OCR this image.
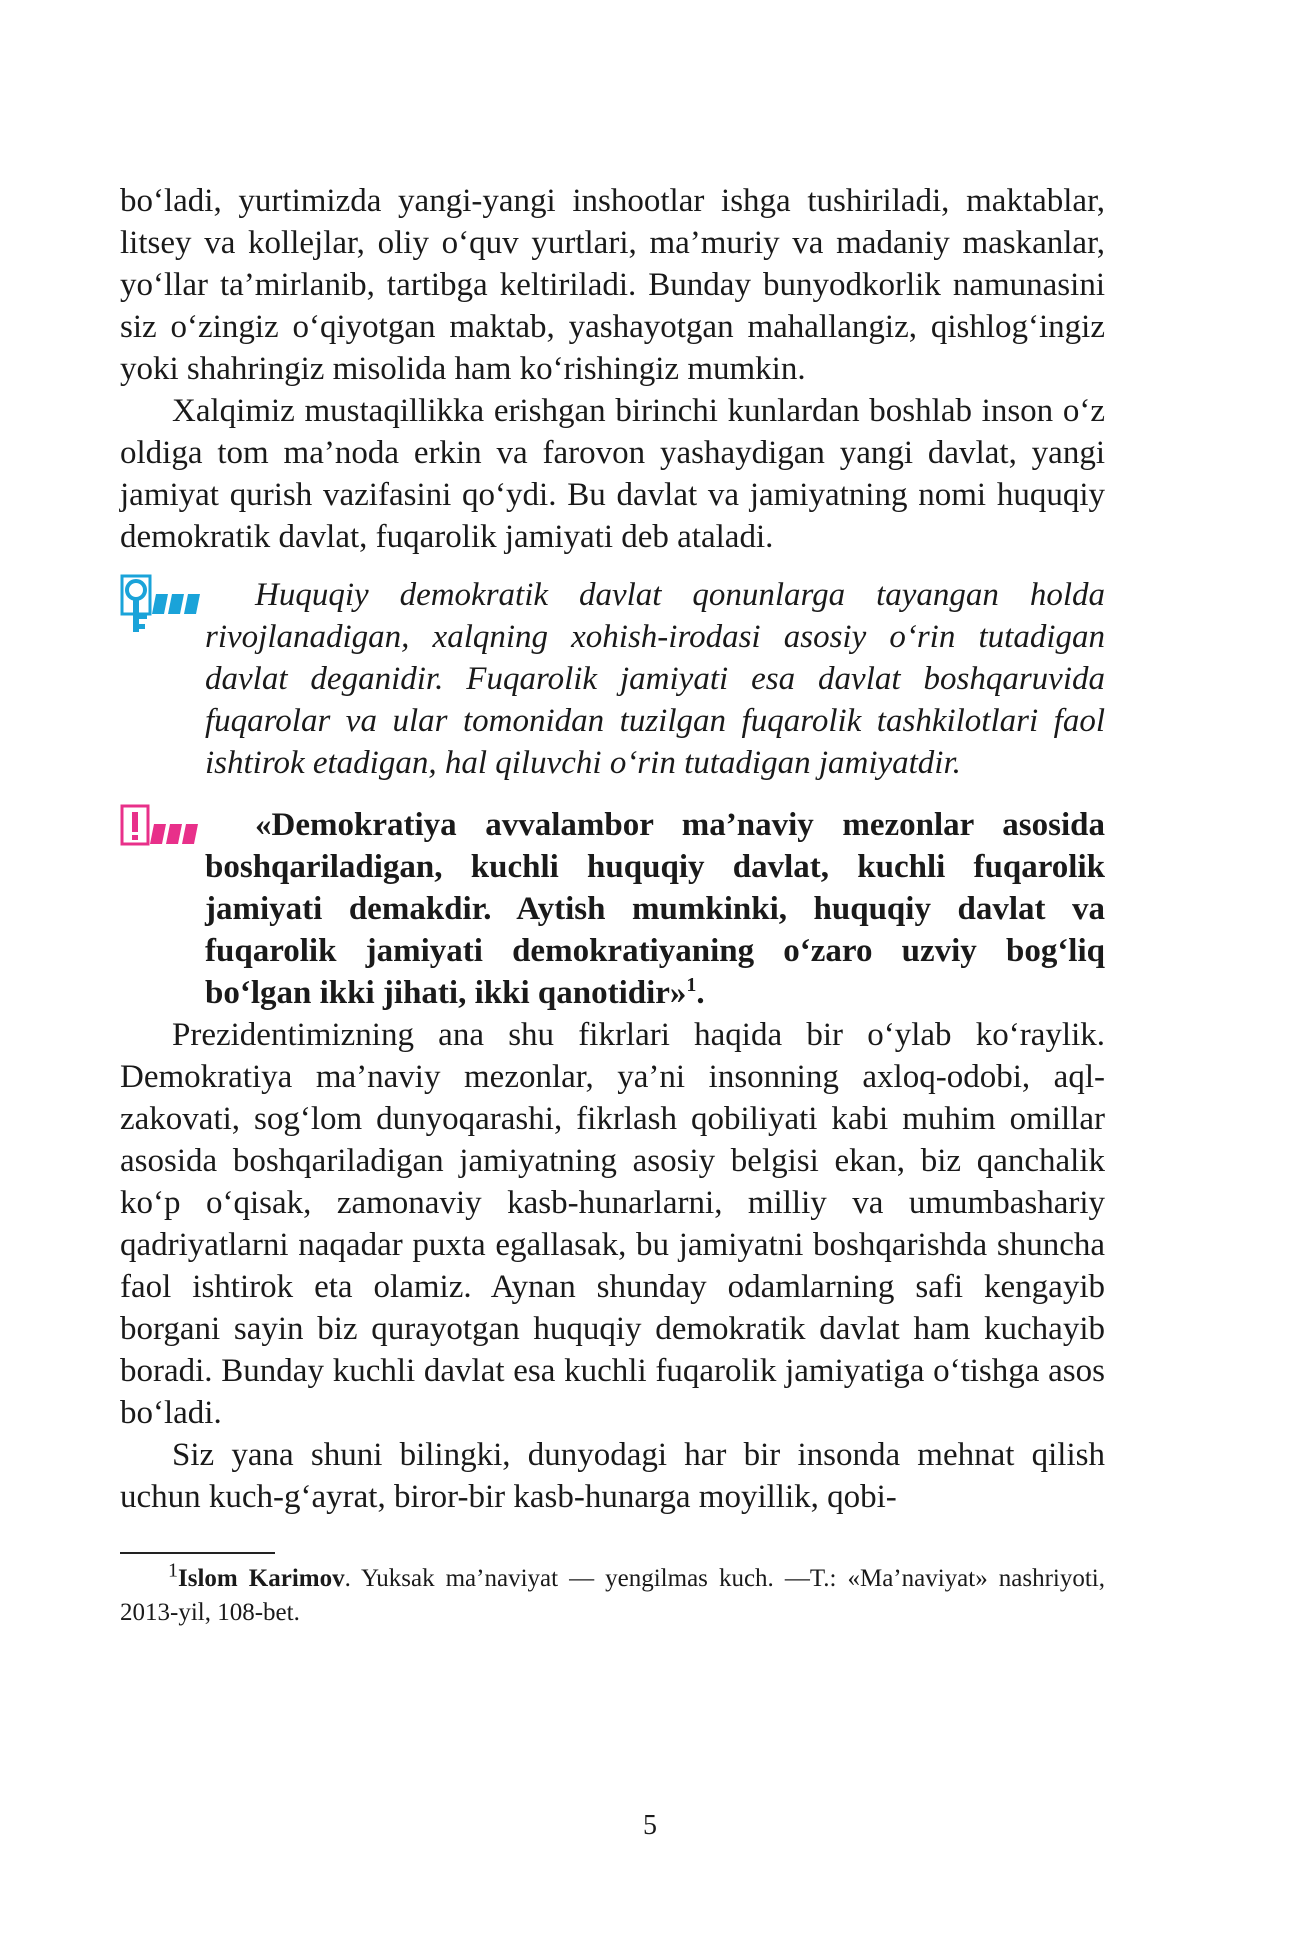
bo‘ladi, yurtimizda yangi-yangi inshootlar ishga tushiriladi, maktablar, litsey va kollejlar, oliy o‘quv yurtlari, ma’muriy va madaniy maskanlar, yo‘llar ta’mirlanib, tartibga keltiriladi. Bunday bunyodkorlik namunasini siz o‘zingiz o‘qiyotgan maktab, yashayotgan mahallangiz, qishlog‘ingiz yoki shahringiz misolida ham ko‘rishingiz mumkin.

Xalqimiz mustaqillikka erishgan birinchi kunlardan boshlab inson o‘z oldiga tom ma’noda erkin va farovon yashaydigan yangi davlat, yangi jamiyat qurish vazifasini qo‘ydi. Bu davlat va jamiyatning nomi huquqiy demokratik davlat, fuqarolik jamiyati deb ataladi.

Huquqiy demokratik davlat qonunlarga tayangan holda rivojlanadigan, xalqning xohish-irodasi asosiy o‘rin tutadigan davlat deganidir. Fuqarolik jamiyati esa davlat boshqaruvida fuqarolar va ular tomonidan tuzilgan fuqarolik tashkilotlari faol ishtirok etadigan, hal qiluvchi o‘rin tutadigan jamiyatdir.

«Demokratiya avvalambor ma’naviy mezonlar asosida boshqariladigan, kuchli huquqiy davlat, kuchli fuqarolik jamiyati demakdir. Aytish mumkinki, huquqiy davlat va fuqarolik jamiyati demokratiyaning o‘zaro uzviy bog‘liq bo‘lgan ikki jihati, ikki qanotidir»$^1$.

Prezidentimizning ana shu fikrlari haqida bir o‘ylab ko‘raylik. Demokratiya ma’naviy mezonlar, ya’ni insonning axloq-odobi, aql-zakovati, sog‘lom dunyoqarashi, fikrlash qobiliyati kabi muhim omillar asosida boshqariladigan jamiyatning asosiy belgisi ekan, biz qanchalik ko‘p o‘qisak, zamonaviy kasb-hunarlarni, milliy va umumbashariy qadriyatlarni naqadar puxta egallasak, bu jamiyatni boshqarishda shuncha faol ishtirok eta olamiz. Aynan shunday odamlarning safi kengayib borgani sayin biz qurayotgan huquqiy demokratik davlat ham kuchayib boradi. Bunday kuchli davlat esa kuchli fuqarolik jamiyatiga o‘tishga asos bo‘ladi.

Siz yana shuni bilingki, dunyodagi har bir insonda mehnat qilish uchun kuch-g‘ayrat, biror-bir kasb-hunarga moyillik, qobi-

$^1$Islom Karimov. Yuksak ma’naviyat — yengilmas kuch. —T.: «Ma’naviyat» nashriyoti, 2013-yil, 108-bet.

5
